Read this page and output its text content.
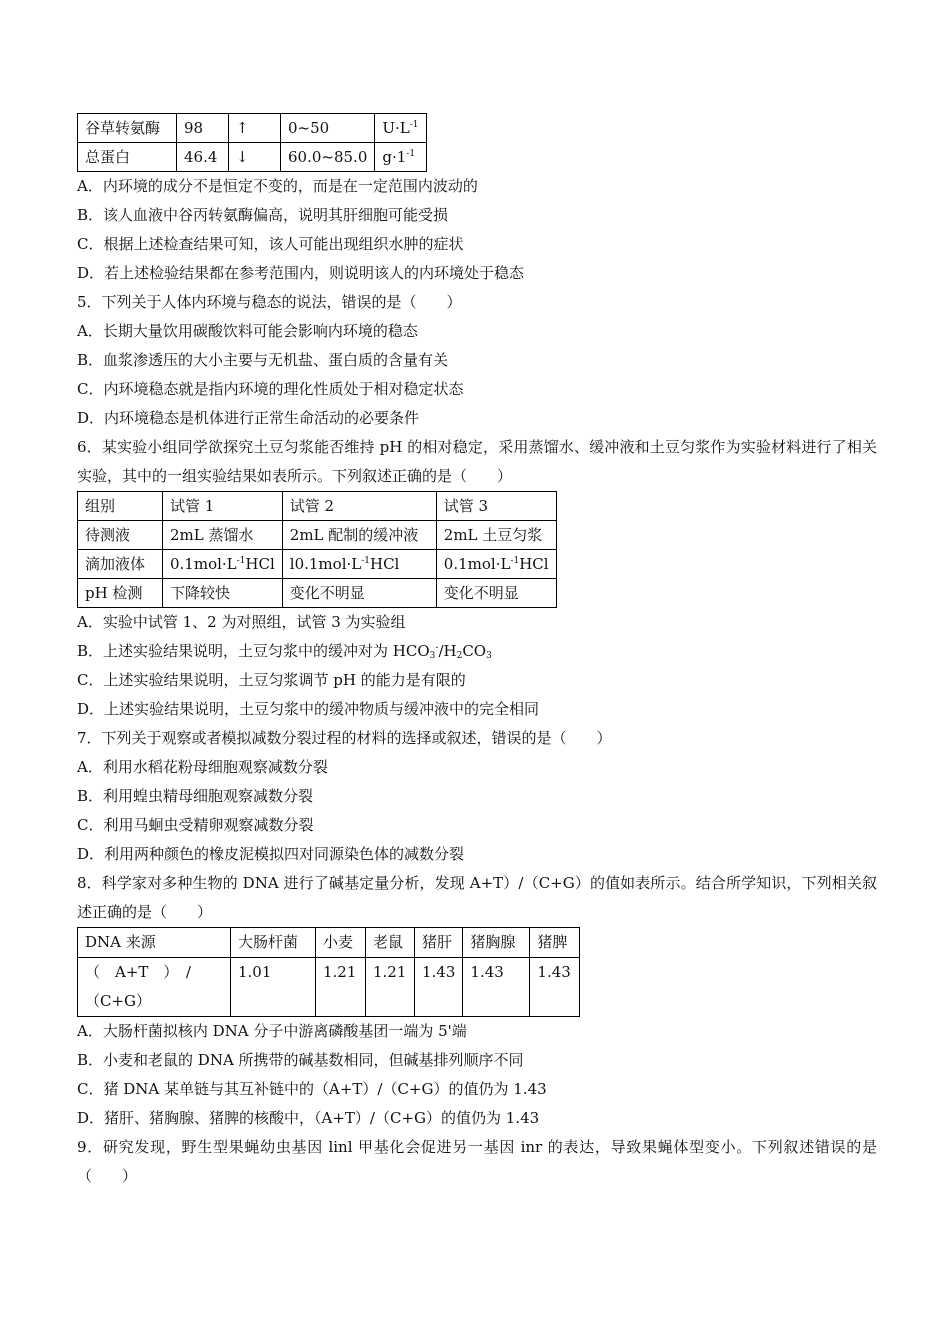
谷草转氨酶	98	↑	0~50	$U\cdot L^{-1}$
总蛋白	46.4	↓	60.0~85.0	$g\cdot 1^{-1}$
A．内环境的成分不是恒定不变的，而是在一定范围内波动的
B．该人血液中谷丙转氨酶偏高，说明其肝细胞可能受损
C．根据上述检查结果可知，该人可能出现组织水肿的症状
D．若上述检验结果都在参考范围内，则说明该人的内环境处于稳态
5．下列关于人体内环境与稳态的说法，错误的是（　　）
A．长期大量饮用碳酸饮料可能会影响内环境的稳态
B．血浆渗透压的大小主要与无机盐、蛋白质的含量有关
C．内环境稳态就是指内环境的理化性质处于相对稳定状态
D．内环境稳态是机体进行正常生命活动的必要条件
6．某实验小组同学欲探究土豆匀浆能否维持 pH 的相对稳定，采用蒸馏水、缓冲液和土豆匀浆作为实验材料进行了相关实验，其中的一组实验结果如表所示。下列叙述正确的是（　　）
组别	试管 1	试管 2	试管 3
待测液	2mL 蒸馏水	2mL 配制的缓冲液	2mL 土豆匀浆
滴加液体	$0.1mol\cdot L^{-1}HCl$	$l0.1mol\cdot L^{-1}HCl$	$0.1mol\cdot L^{-1}HCl$
pH 检测	下降较快	变化不明显	变化不明显
A．实验中试管 1、2 为对照组，试管 3 为实验组
B．上述实验结果说明，土豆匀浆中的缓冲对为 $HCO_3^-/H_2CO_3$
C．上述实验结果说明，土豆匀浆调节 pH 的能力是有限的
D．上述实验结果说明，土豆匀浆中的缓冲物质与缓冲液中的完全相同
7．下列关于观察或者模拟减数分裂过程的材料的选择或叙述，错误的是（　　）
A．利用水稻花粉母细胞观察减数分裂
B．利用蝗虫精母细胞观察减数分裂
C．利用马蛔虫受精卵观察减数分裂
D．利用两种颜色的橡皮泥模拟四对同源染色体的减数分裂
8．科学家对多种生物的 DNA 进行了碱基定量分析，发现 A+T）/（C+G）的值如表所示。结合所学知识，下列相关叙述正确的是（　　）
DNA 来源	大肠杆菌	小麦	老鼠	猪肝	猪胸腺	猪脾

（　A+T　）　/
（C+G）	1.01	1.21	1.21	1.43	1.43	1.43
A．大肠杆菌拟核内 DNA 分子中游离磷酸基团一端为 5'端
B．小麦和老鼠的 DNA 所携带的碱基数相同，但碱基排列顺序不同
C．猪 DNA 某单链与其互补链中的（A+T）/（C+G）的值仍为 1.43
D．猪肝、猪胸腺、猪脾的核酸中，（A+T）/（C+G）的值仍为 1.43
9．研究发现，野生型果蝇幼虫基因 linl 甲基化会促进另一基因 inr 的表达，导致果蝇体型变小。下列叙述错误的是（　　）
